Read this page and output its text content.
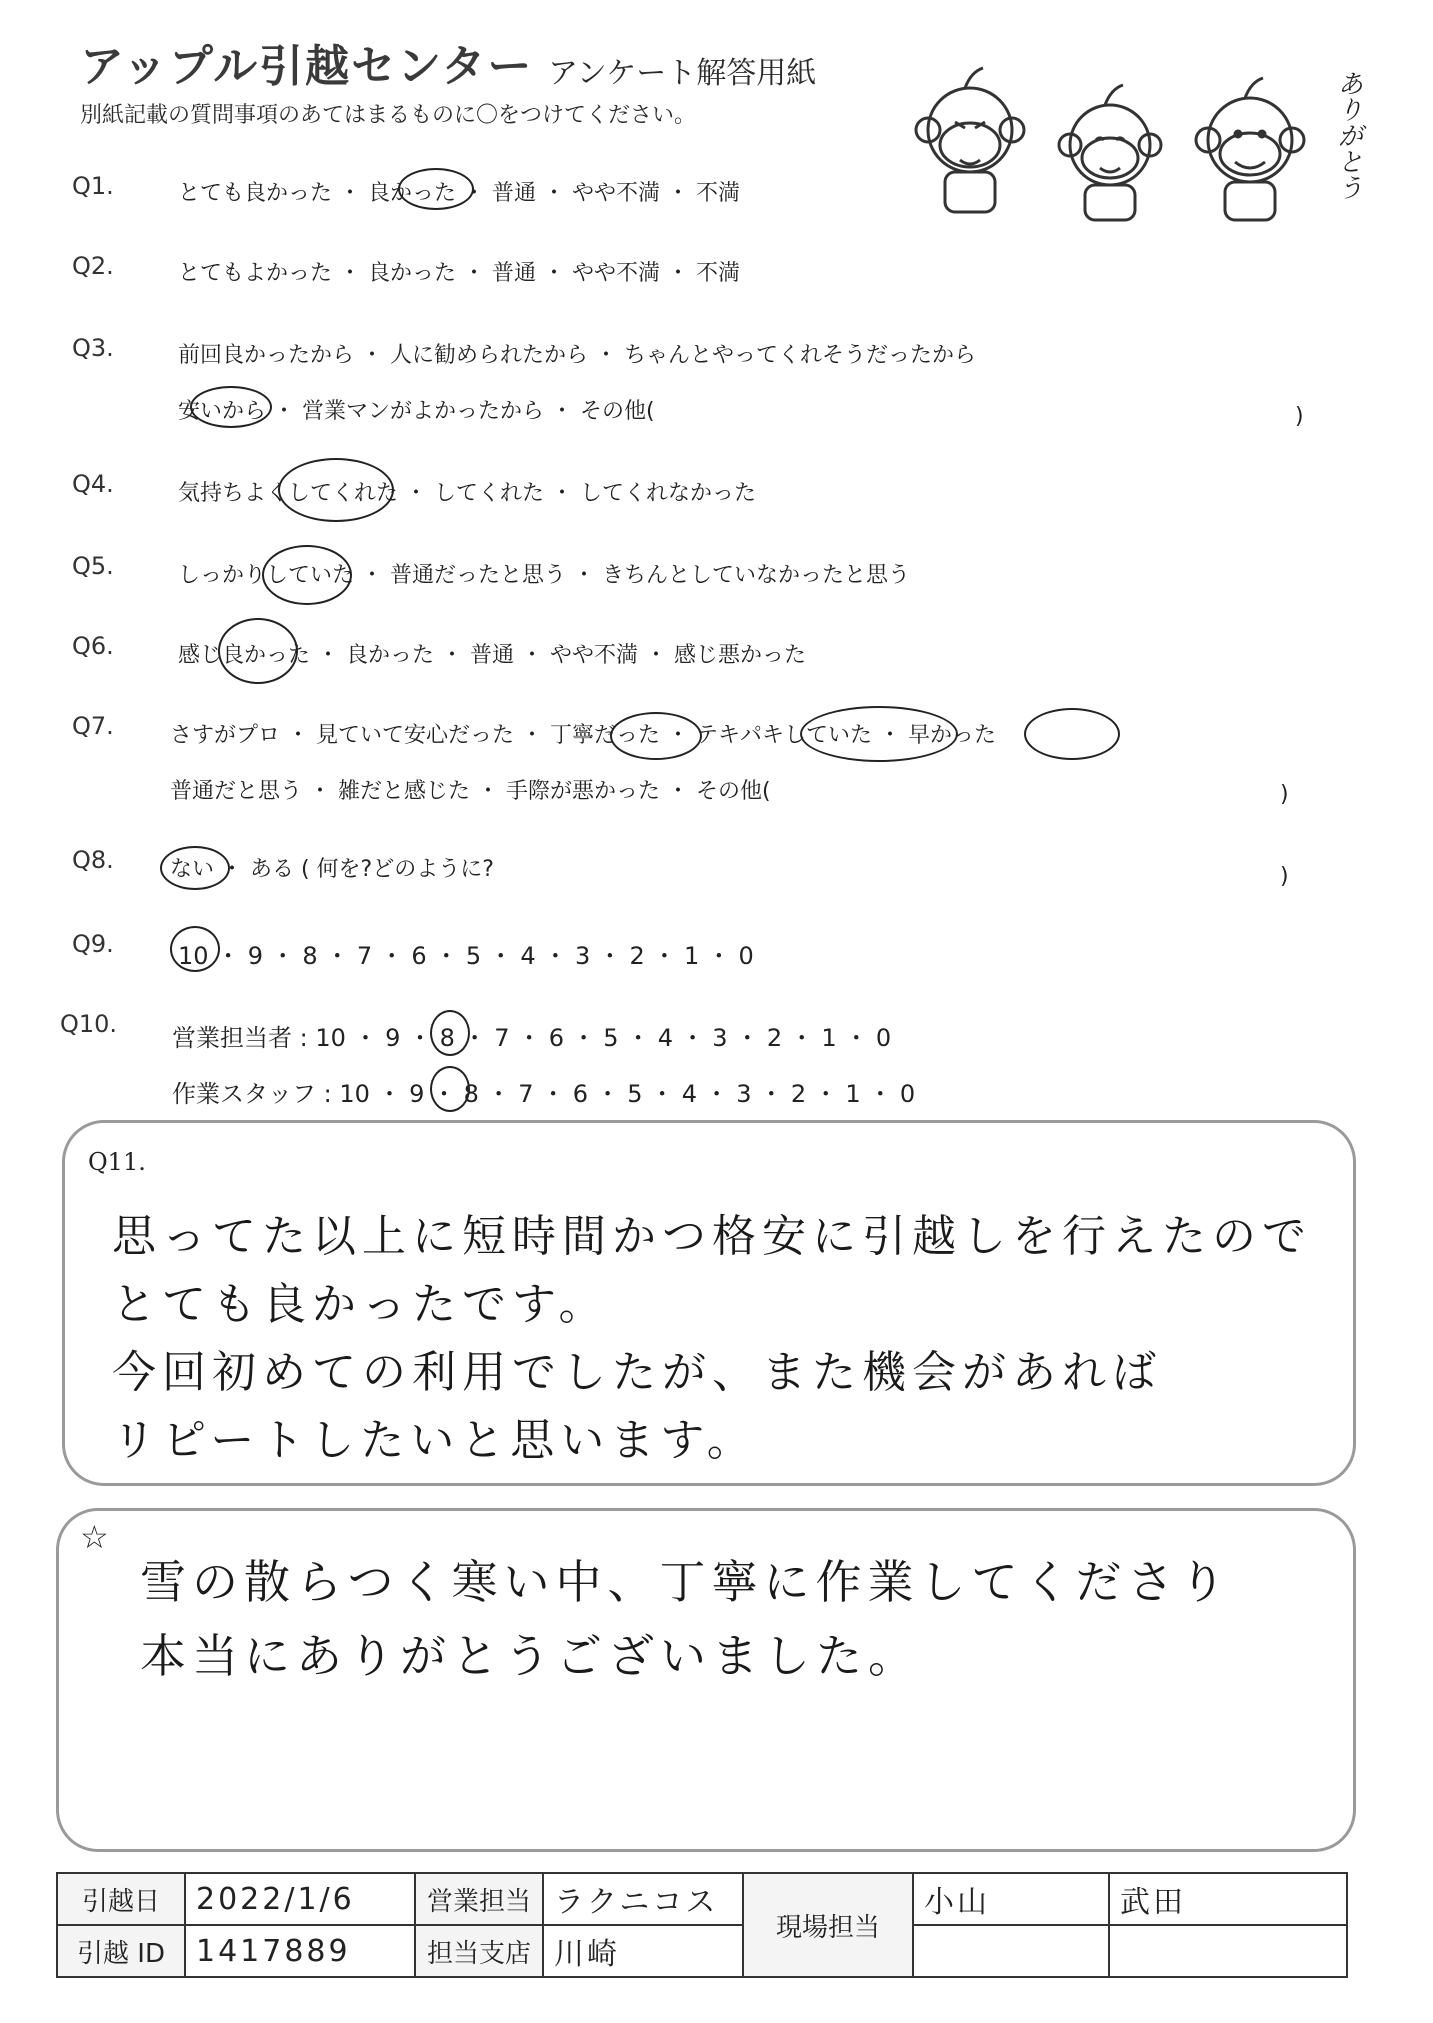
アップル引越センター アンケート解答用紙
別紙記載の質問事項のあてはまるものに〇をつけてください。	ありがとう
Q1.	とても良かった ・ 良かった ・ 普通 ・ やや不満 ・ 不満
Q2.	とてもよかった ・ 良かった ・ 普通 ・ やや不満 ・ 不満
Q3.	前回良かったから ・ 人に勧められたから ・ ちゃんとやってくれそうだったから
安いから ・ 営業マンがよかったから ・ その他(	)
Q4.	気持ちよくしてくれた ・ してくれた ・ してくれなかった
Q5.	しっかりしていた ・ 普通だったと思う ・ きちんとしていなかったと思う
Q6.	感じ良かった ・ 良かった ・ 普通 ・ やや不満 ・ 感じ悪かった
Q7.	さすがプロ ・ 見ていて安心だった ・ 丁寧だった ・ テキパキしていた ・ 早かった
普通だと思う ・ 雑だと感じた ・ 手際が悪かった ・ その他(	)
Q8.	ない ・ ある ( 何を?どのように?	)
Q9.	10 ・ 9 ・ 8 ・ 7 ・ 6 ・ 5 ・ 4 ・ 3 ・ 2 ・ 1 ・ 0
Q10. 営業担当者 : 10 ・ 9 ・ 8 ・ 7 ・ 6 ・ 5 ・ 4 ・ 3 ・ 2 ・ 1 ・ 0
作業スタッフ : 10 ・ 9 ・ 8 ・ 7 ・ 6 ・ 5 ・ 4 ・ 3 ・ 2 ・ 1 ・ 0
Q11.
思ってた以上に短時間かつ格安に引越しを行えたので
とても良かったです。
今回初めての利用でしたが、また機会があれば
リピートしたいと思います。
☆
雪の散らつく寒い中、丁寧に作業してくださり
本当にありがとうございました。
引越日	2022/1/6	営業担当	ラクニコス	現場担当	小山	武田
引越 ID	1417889	担当支店	川崎			
